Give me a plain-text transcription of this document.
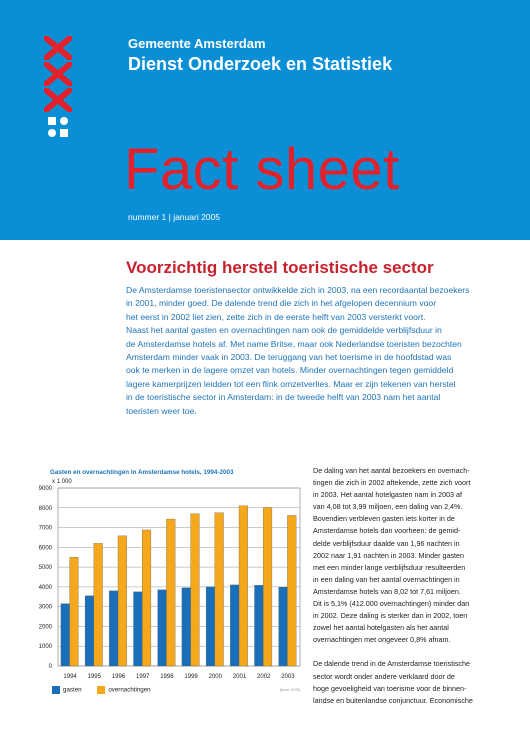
Gemeente Amsterdam
Dienst Onderzoek en Statistiek
Fact sheet
nummer 1 | januari 2005
Voorzichtig herstel toeristische sector

De Amsterdamse toeristensector ontwikkelde zich in 2003, na een recordaantal bezoekers

in 2001, minder goed. De dalende trend die zich in het afgelopen decennium voor

het eerst in 2002 liet zien, zette zich in de eerste helft van 2003 versterkt voort.

Naast het aantal gasten en overnachtingen nam ook de gemiddelde verblijfsduur in

de Amsterdamse hotels af. Met name Britse, maar ook Nederlandse toeristen bezochten

Amsterdam minder vaak in 2003. De teruggang van het toerisme in de hoofdstad was

ook te merken in de lagere omzet van hotels. Minder overnachtingen tegen gemiddeld

lagere kamerprijzen leidden tot een flink omzetverlies. Maar er zijn tekenen van herstel

in de toeristische sector in Amsterdam: in de tweede helft van 2003 nam het aantal

toeristen weer toe.

Gasten en overnachtingen in Amsterdamse hotels, 1994-2003
x 1.000
0
1000
2000
3000
4000
5000
6000
7000
8000
9000
1994 1995 1996 1997 1998 1999 2000 2001 2002 2003
(bron: O+S)
gasten	overnachtingen

De daling van het aantal bezoekers en overnach-

tingen die zich in 2002 aftekende, zette zich voort

in 2003. Het aantal hotelgasten nam in 2003 af

van 4,08 tot 3,99 miljoen, een daling van 2,4%.

Bovendien verbleven gasten iets korter in de

Amsterdamse hotels dan voorheen: de gemid-

delde verblijfsduur daalde van 1,96 nachten in

2002 naar 1,91 nachten in 2003. Minder gasten

met een minder lange verblijfsduur resulteerden

in een daling van het aantal overnachtingen in

Amsterdamse hotels van 8,02 tot 7,61 miljoen.

Dit is 5,1% (412.000 overnachtingen) minder dan

in 2002. Deze daling is sterker dan in 2002, toen

zowel het aantal hotelgasten als het aantal

overnachtingen met ongeveer 0,8% afnam.

De dalende trend in de Amsterdamse toeristische

sector wordt onder andere verklaard door de

hoge gevoeligheid van toerisme voor de binnen-

landse en buitenlandse conjunctuur. Economische
